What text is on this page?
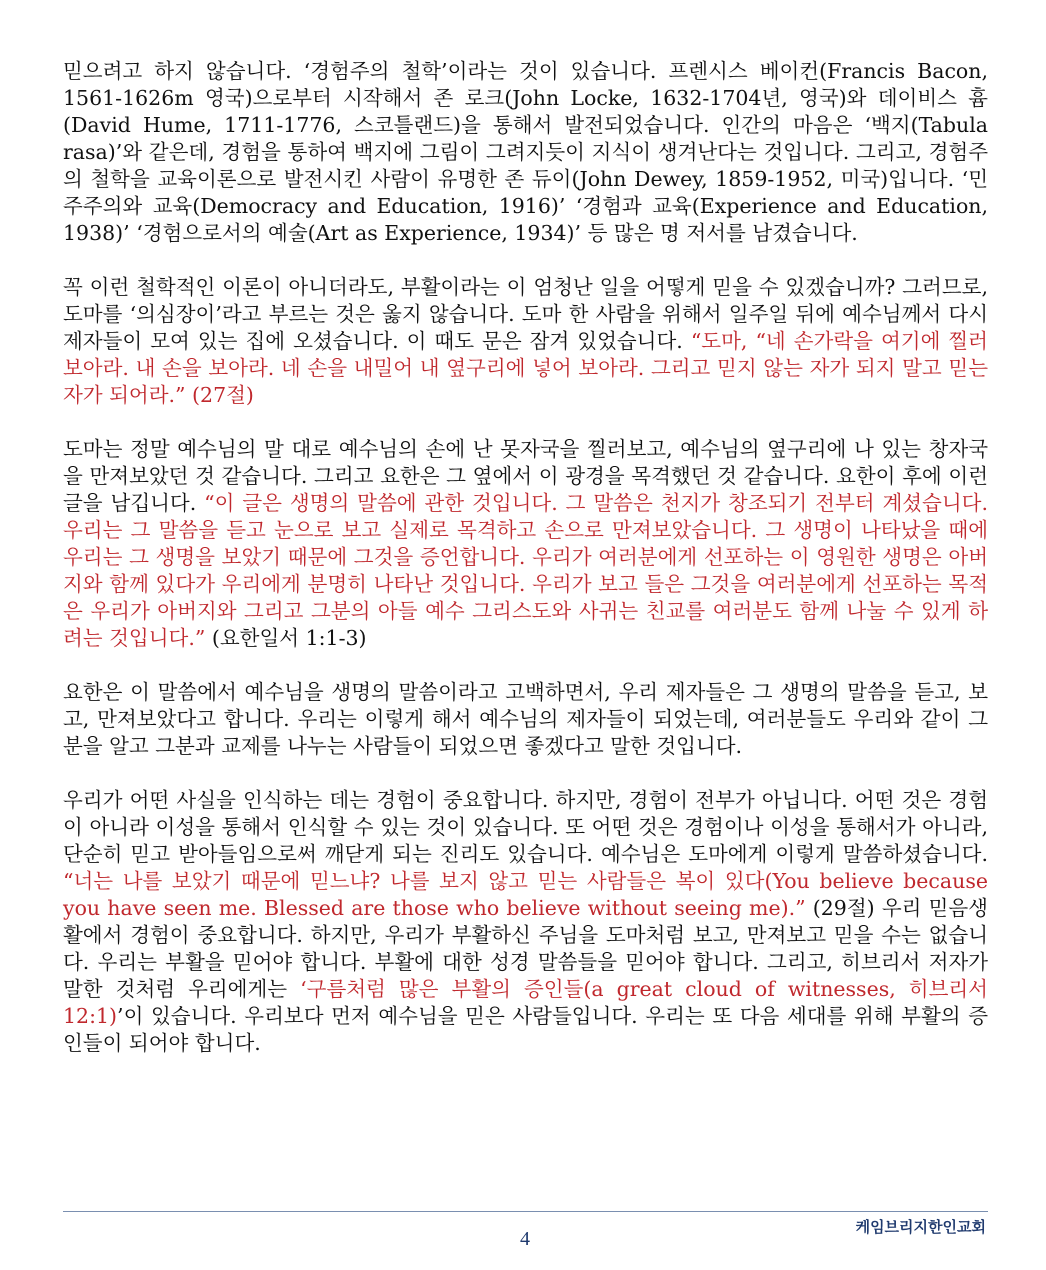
믿으려고 하지 않습니다. ‘경험주의 철학’이라는 것이 있습니다. 프렌시스 베이컨(Francis Bacon, 1561-1626m 영국)으로부터 시작해서 존 로크(John Locke, 1632-1704년, 영국)와 데이비스 흄(David Hume, 1711-1776, 스코틀랜드)을 통해서 발전되었습니다. 인간의 마음은 ‘백지(Tabula rasa)’와 같은데, 경험을 통하여 백지에 그림이 그려지듯이 지식이 생겨난다는 것입니다. 그리고, 경험주의 철학을 교육이론으로 발전시킨 사람이 유명한 존 듀이(John Dewey, 1859-1952, 미국)입니다. ‘민주주의와 교육(Democracy and Education, 1916)’ ‘경험과 교육(Experience and Education, 1938)’ ‘경험으로서의 예술(Art as Experience, 1934)’ 등 많은 명 저서를 남겼습니다.

꼭 이런 철학적인 이론이 아니더라도, 부활이라는 이 엄청난 일을 어떻게 믿을 수 있겠습니까? 그러므로, 도마를 ‘의심장이’라고 부르는 것은 옳지 않습니다. 도마 한 사람을 위해서 일주일 뒤에 예수님께서 다시 제자들이 모여 있는 집에 오셨습니다. 이 때도 문은 잠겨 있었습니다. “도마, “네 손가락을 여기에 찔러 보아라. 내 손을 보아라. 네 손을 내밀어 내 옆구리에 넣어 보아라. 그리고 믿지 않는 자가 되지 말고 믿는 자가 되어라.” (27절)

도마는 정말 예수님의 말 대로 예수님의 손에 난 못자국을 찔러보고, 예수님의 옆구리에 나 있는 창자국을 만져보았던 것 같습니다. 그리고 요한은 그 옆에서 이 광경을 목격했던 것 같습니다. 요한이 후에 이런 글을 남깁니다. “이 글은 생명의 말씀에 관한 것입니다. 그 말씀은 천지가 창조되기 전부터 계셨습니다. 우리는 그 말씀을 듣고 눈으로 보고 실제로 목격하고 손으로 만져보았습니다. 그 생명이 나타났을 때에 우리는 그 생명을 보았기 때문에 그것을 증언합니다. 우리가 여러분에게 선포하는 이 영원한 생명은 아버지와 함께 있다가 우리에게 분명히 나타난 것입니다. 우리가 보고 들은 그것을 여러분에게 선포하는 목적은 우리가 아버지와 그리고 그분의 아들 예수 그리스도와 사귀는 친교를 여러분도 함께 나눌 수 있게 하려는 것입니다.” (요한일서 1:1-3)

요한은 이 말씀에서 예수님을 생명의 말씀이라고 고백하면서, 우리 제자들은 그 생명의 말씀을 듣고, 보고, 만져보았다고 합니다. 우리는 이렇게 해서 예수님의 제자들이 되었는데, 여러분들도 우리와 같이 그분을 알고 그분과 교제를 나누는 사람들이 되었으면 좋겠다고 말한 것입니다.

우리가 어떤 사실을 인식하는 데는 경험이 중요합니다. 하지만, 경험이 전부가 아닙니다. 어떤 것은 경험이 아니라 이성을 통해서 인식할 수 있는 것이 있습니다. 또 어떤 것은 경험이나 이성을 통해서가 아니라, 단순히 믿고 받아들임으로써 깨닫게 되는 진리도 있습니다. 예수님은 도마에게 이렇게 말씀하셨습니다. “너는 나를 보았기 때문에 믿느냐? 나를 보지 않고 믿는 사람들은 복이 있다(You believe because you have seen me. Blessed are those who believe without seeing me).” (29절) 우리 믿음생활에서 경험이 중요합니다. 하지만, 우리가 부활하신 주님을 도마처럼 보고, 만져보고 믿을 수는 없습니다. 우리는 부활을 믿어야 합니다. 부활에 대한 성경 말씀들을 믿어야 합니다. 그리고, 히브리서 저자가 말한 것처럼 우리에게는 ‘구름처럼 많은 부활의 증인들(a great cloud of witnesses, 히브리서 12:1)’이 있습니다. 우리보다 먼저 예수님을 믿은 사람들입니다. 우리는 또 다음 세대를 위해 부활의 증인들이 되어야 합니다.

4
케임브리지한인교회
